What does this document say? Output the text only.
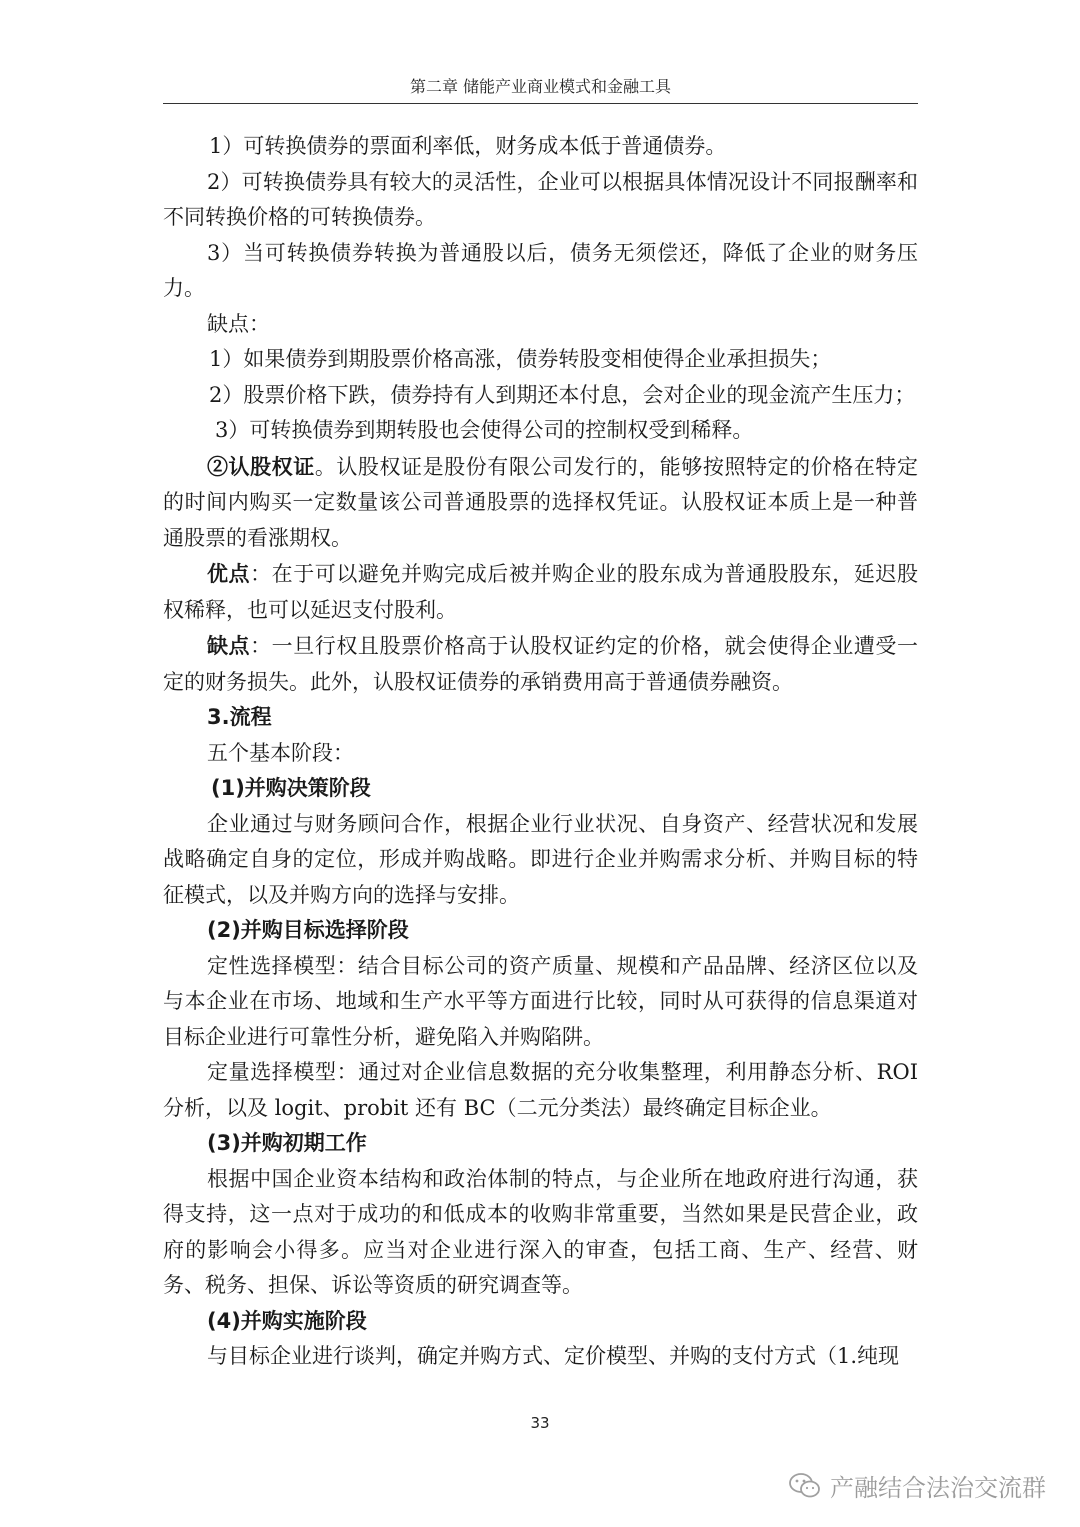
第二章 储能产业商业模式和金融工具

1）可转换债券的票面利率低，财务成本低于普通债券。

2）可转换债券具有较大的灵活性，企业可以根据具体情况设计不同报酬率和不同转换价格的可转换债券。

3）当可转换债券转换为普通股以后，债务无须偿还，降低了企业的财务压力。

缺点：

1）如果债券到期股票价格高涨，债券转股变相使得企业承担损失；

2）股票价格下跌，债券持有人到期还本付息，会对企业的现金流产生压力；

3）可转换债券到期转股也会使得公司的控制权受到稀释。

②认股权证。认股权证是股份有限公司发行的，能够按照特定的价格在特定的时间内购买一定数量该公司普通股票的选择权凭证。认股权证本质上是一种普通股票的看涨期权。

优点：在于可以避免并购完成后被并购企业的股东成为普通股股东，延迟股权稀释，也可以延迟支付股利。

缺点：一旦行权且股票价格高于认股权证约定的价格，就会使得企业遭受一定的财务损失。此外，认股权证债券的承销费用高于普通债券融资。

3.流程

五个基本阶段：

(1)并购决策阶段

企业通过与财务顾问合作，根据企业行业状况、自身资产、经营状况和发展战略确定自身的定位，形成并购战略。即进行企业并购需求分析、并购目标的特征模式，以及并购方向的选择与安排。

(2)并购目标选择阶段

定性选择模型：结合目标公司的资产质量、规模和产品品牌、经济区位以及与本企业在市场、地域和生产水平等方面进行比较，同时从可获得的信息渠道对目标企业进行可靠性分析，避免陷入并购陷阱。

定量选择模型：通过对企业信息数据的充分收集整理，利用静态分析、ROI分析，以及 logit、probit 还有 BC（二元分类法）最终确定目标企业。

(3)并购初期工作

根据中国企业资本结构和政治体制的特点，与企业所在地政府进行沟通，获得支持，这一点对于成功的和低成本的收购非常重要，当然如果是民营企业，政府的影响会小得多。应当对企业进行深入的审查，包括工商、生产、经营、财务、税务、担保、诉讼等资质的研究调查等。

(4)并购实施阶段

与目标企业进行谈判，确定并购方式、定价模型、并购的支付方式（1.纯现

33
产融结合法治交流群
